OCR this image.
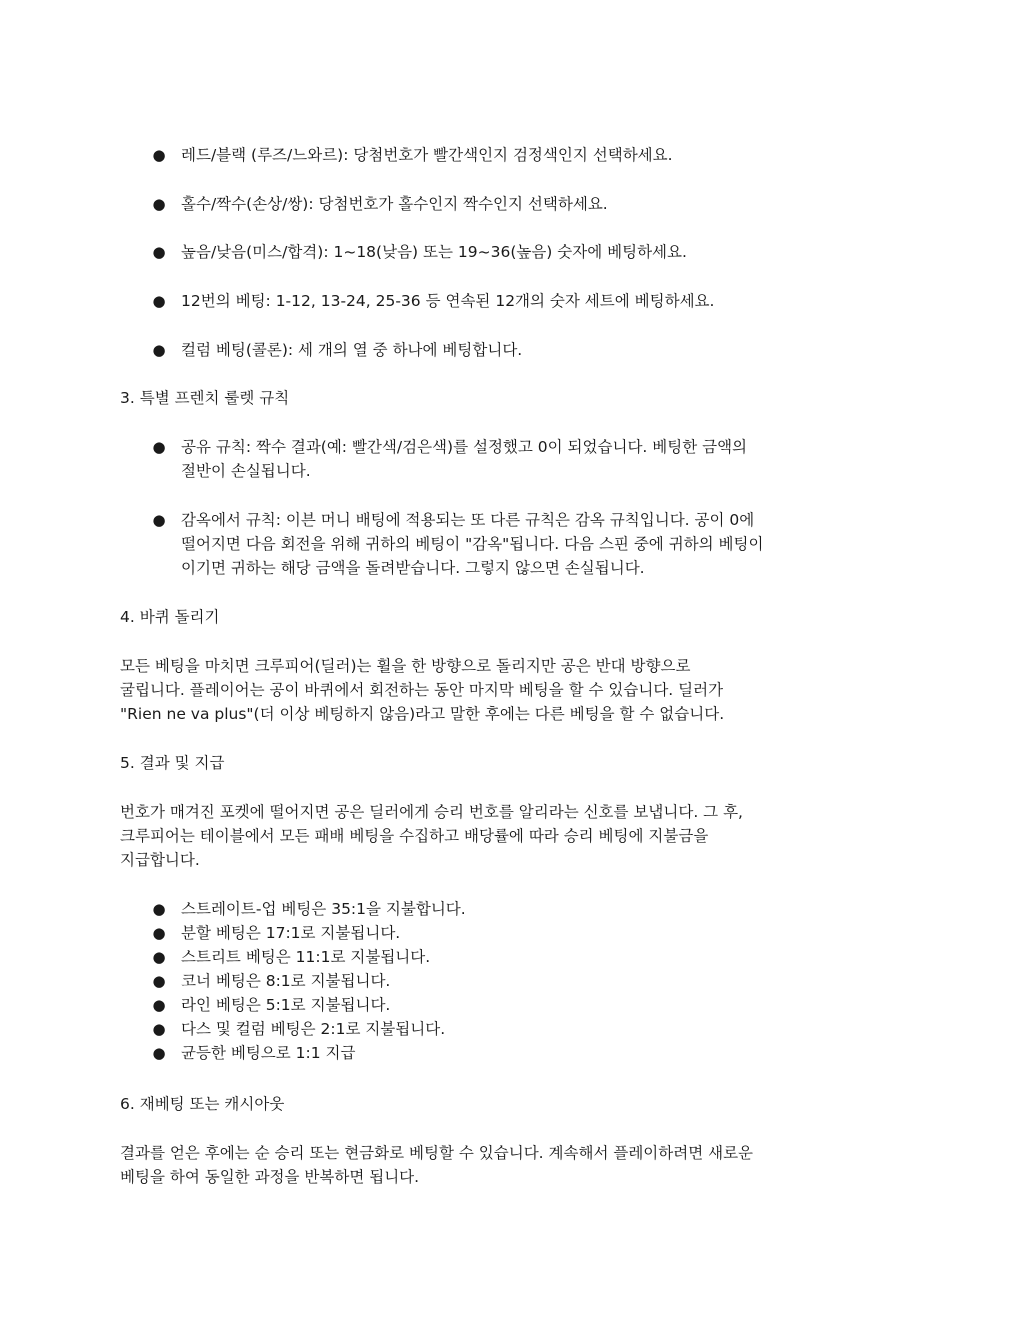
● 레드/블랙 (루즈/느와르): 당첨번호가 빨간색인지 검정색인지 선택하세요.
● 홀수/짝수(손상/쌍): 당첨번호가 홀수인지 짝수인지 선택하세요.
● 높음/낮음(미스/합격): 1~18(낮음) 또는 19~36(높음) 숫자에 베팅하세요.
● 12번의 베팅: 1-12, 13-24, 25-36 등 연속된 12개의 숫자 세트에 베팅하세요.
● 컬럼 베팅(콜론): 세 개의 열 중 하나에 베팅합니다.

3. 특별 프렌치 룰렛 규칙

● 공유 규칙: 짝수 결과(예: 빨간색/검은색)를 설정했고 0이 되었습니다. 베팅한 금액의
절반이 손실됩니다.
● 감옥에서 규칙: 이븐 머니 배팅에 적용되는 또 다른 규칙은 감옥 규칙입니다. 공이 0에
떨어지면 다음 회전을 위해 귀하의 베팅이 "감옥"됩니다. 다음 스핀 중에 귀하의 베팅이
이기면 귀하는 해당 금액을 돌려받습니다. 그렇지 않으면 손실됩니다.

4. 바퀴 돌리기

모든 베팅을 마치면 크루피어(딜러)는 휠을 한 방향으로 돌리지만 공은 반대 방향으로
굴립니다. 플레이어는 공이 바퀴에서 회전하는 동안 마지막 베팅을 할 수 있습니다. 딜러가
"Rien ne va plus"(더 이상 베팅하지 않음)라고 말한 후에는 다른 베팅을 할 수 없습니다.

5. 결과 및 지급

번호가 매겨진 포켓에 떨어지면 공은 딜러에게 승리 번호를 알리라는 신호를 보냅니다. 그 후,
크루피어는 테이블에서 모든 패배 베팅을 수집하고 배당률에 따라 승리 베팅에 지불금을
지급합니다.
● 스트레이트-업 베팅은 35:1을 지불합니다.
● 분할 베팅은 17:1로 지불됩니다.
● 스트리트 베팅은 11:1로 지불됩니다.
● 코너 베팅은 8:1로 지불됩니다.
● 라인 베팅은 5:1로 지불됩니다.
● 다스 및 컬럼 베팅은 2:1로 지불됩니다.
● 균등한 베팅으로 1:1 지급

6. 재베팅 또는 캐시아웃

결과를 얻은 후에는 순 승리 또는 현금화로 베팅할 수 있습니다. 계속해서 플레이하려면 새로운
베팅을 하여 동일한 과정을 반복하면 됩니다.
